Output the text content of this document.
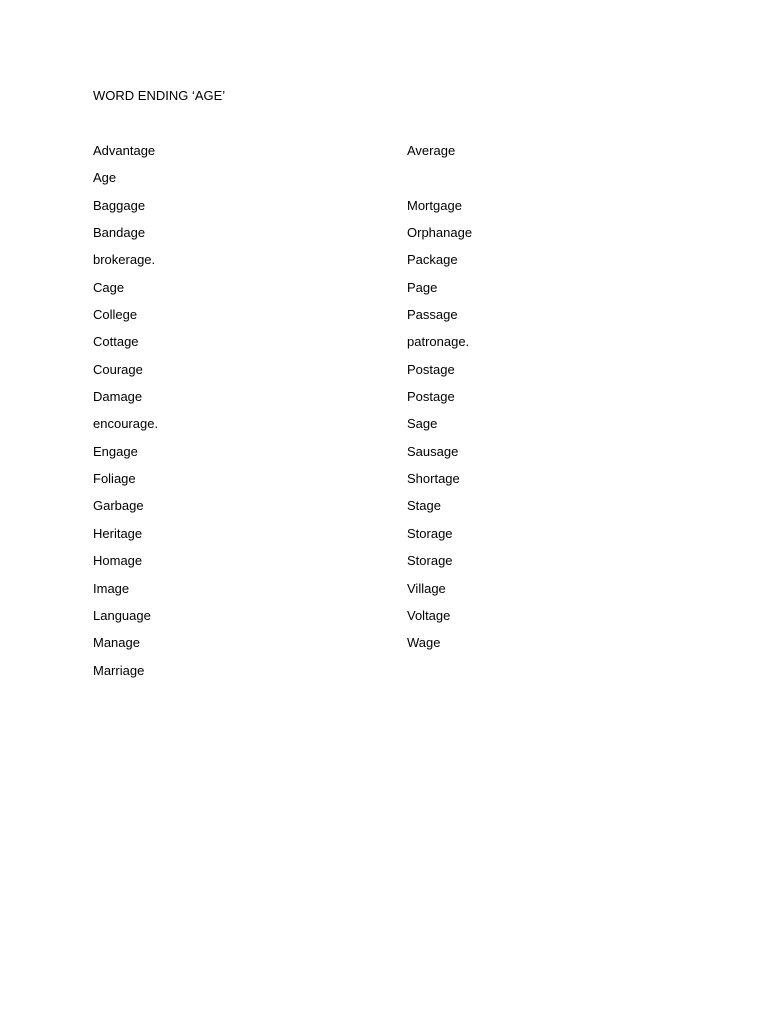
WORD ENDING ‘AGE’
Advantage
Age
Baggage
Bandage
brokerage.
Cage
College
Cottage
Courage
Damage
encourage.
Engage
Foliage
Garbage
Heritage
Homage
Image
Language
Manage
Marriage
Average
Mortgage
Orphanage
Package
Page
Passage
patronage.
Postage
Postage
Sage
Sausage
Shortage
Stage
Storage
Storage
Village
Voltage
Wage
